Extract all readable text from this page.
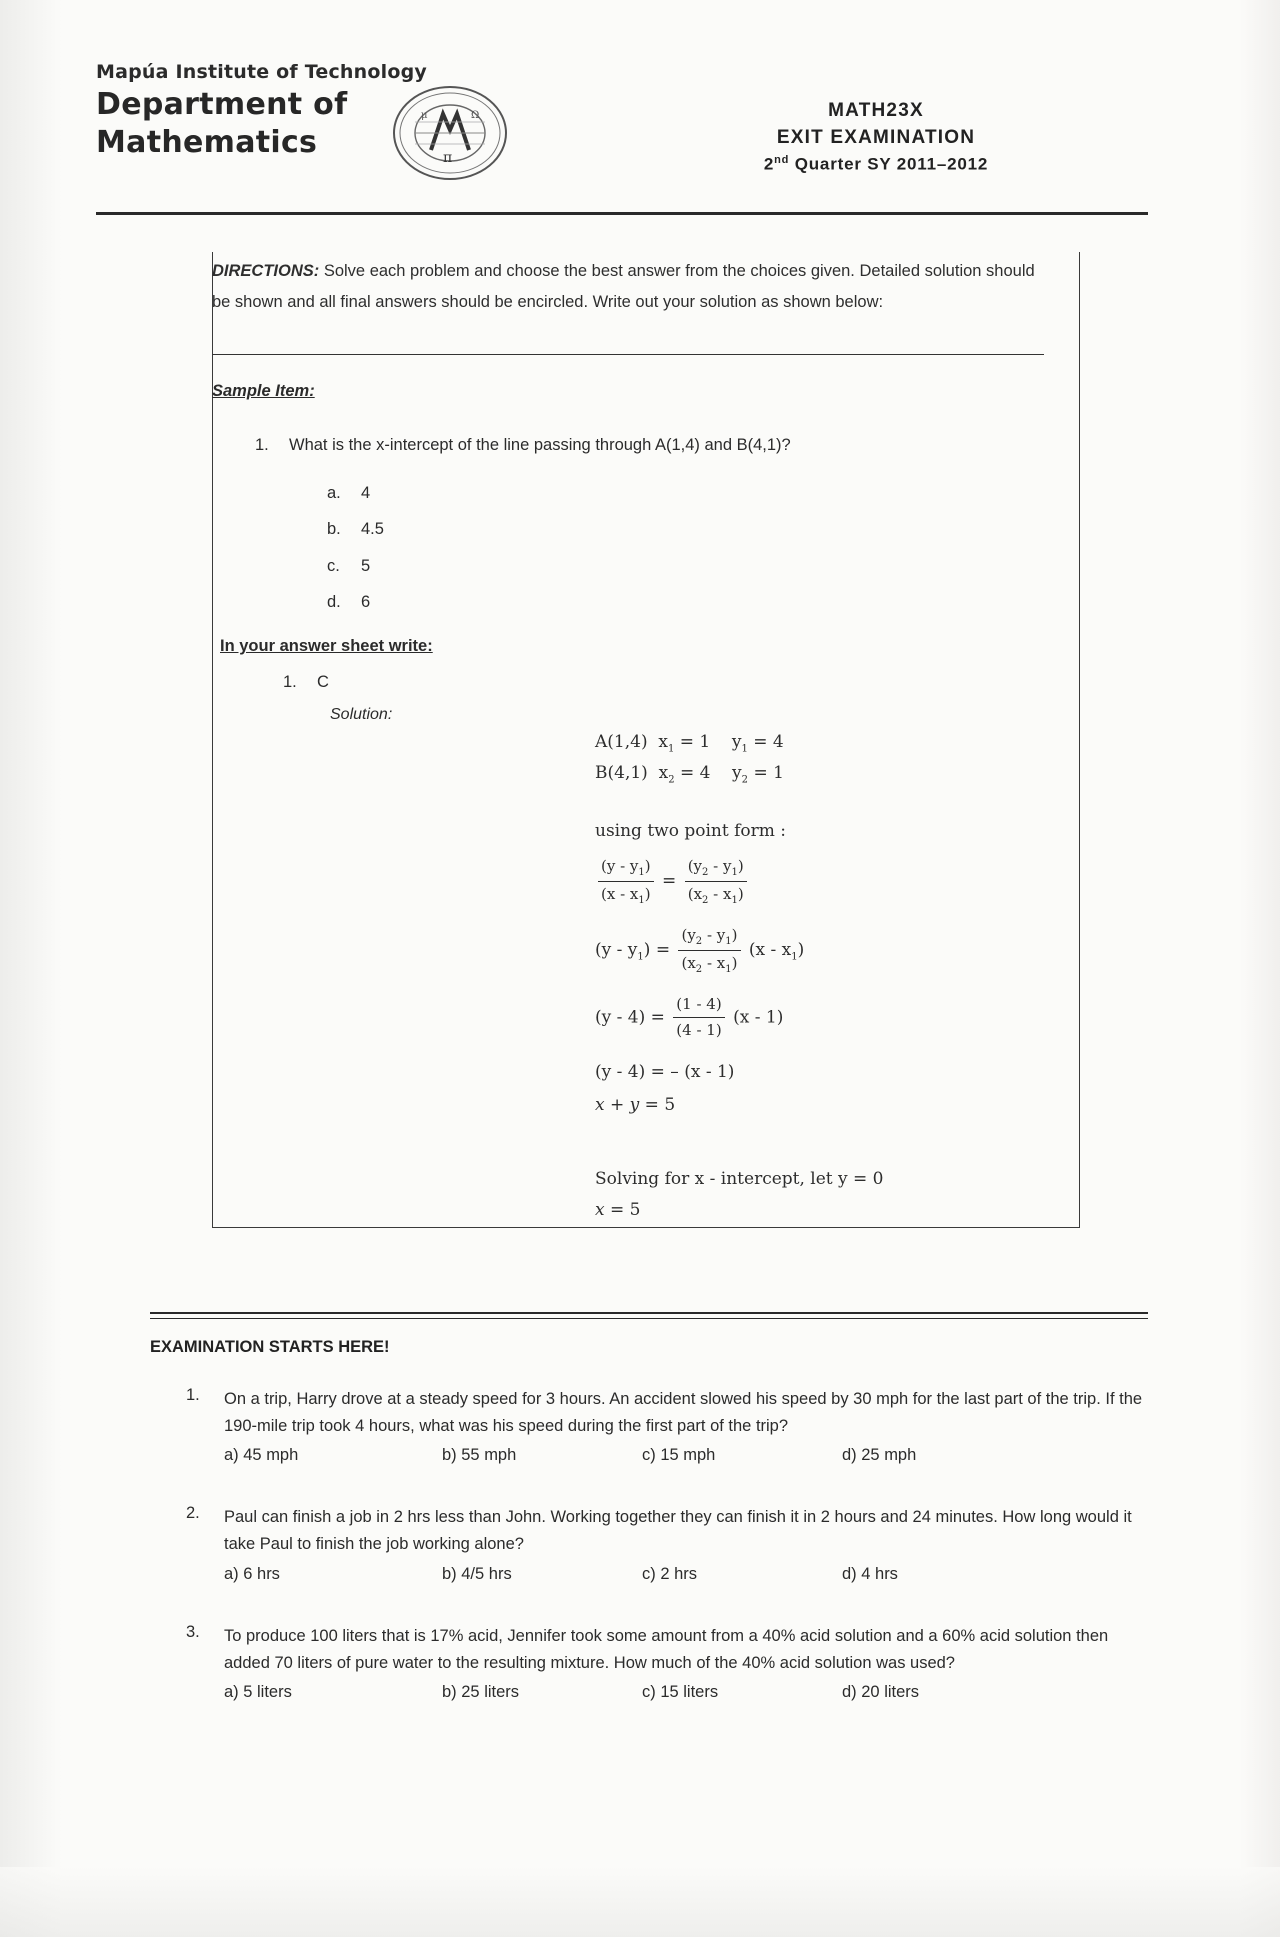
Mapúa Institute of Technology
Department of
Mathematics	π
μ	Ω	MATH23X
EXIT EXAMINATION
2nd Quarter SY 2011–2012
DIRECTIONS: Solve each problem and choose the best answer from the choices given. Detailed solution should be shown and all final answers should be encircled. Write out your solution as shown below:
Sample Item:
1. What is the x-intercept of the line passing through A(1,4) and B(4,1)?
a. 4
b. 4.5
c. 5
d. 6
In your answer sheet write:
1. C
Solution:
A(1,4)  $x_1 = 1$    $y_1 = 4$
B(4,1)  $x_2 = 4$    $y_2 = 1$
using two point form :
$\frac{(y - y_1)}{(x - x_1)} = \frac{(y_2 - y_1)}{(x_2 - x_1)}$
$(y - y_1) = \frac{(y_2 - y_1)}{(x_2 - x_1)} (x - x_1)$
$(y - 4) = \frac{(1 - 4)}{(4 - 1)} (x - 1)$
(y - 4) = – (x - 1)
x + y = 5
Solving for x - intercept, let y = 0
x = 5
EXAMINATION STARTS HERE!
1.	On a trip, Harry drove at a steady speed for 3 hours. An accident slowed his speed by 30 mph for the last part of the trip. If the 190-mile trip took 4 hours, what was his speed during the first part of the trip?
a) 45 mph	b) 55 mph	c) 15 mph	d) 25 mph
2.	Paul can finish a job in 2 hrs less than John. Working together they can finish it in 2 hours and 24 minutes. How long would it take Paul to finish the job working alone?
a) 6 hrs	b) 4/5 hrs	c) 2 hrs	d) 4 hrs
3.	To produce 100 liters that is 17% acid, Jennifer took some amount from a 40% acid solution and a 60% acid solution then added 70 liters of pure water to the resulting mixture. How much of the 40% acid solution was used?
a) 5 liters	b) 25 liters	c) 15 liters	d) 20 liters
